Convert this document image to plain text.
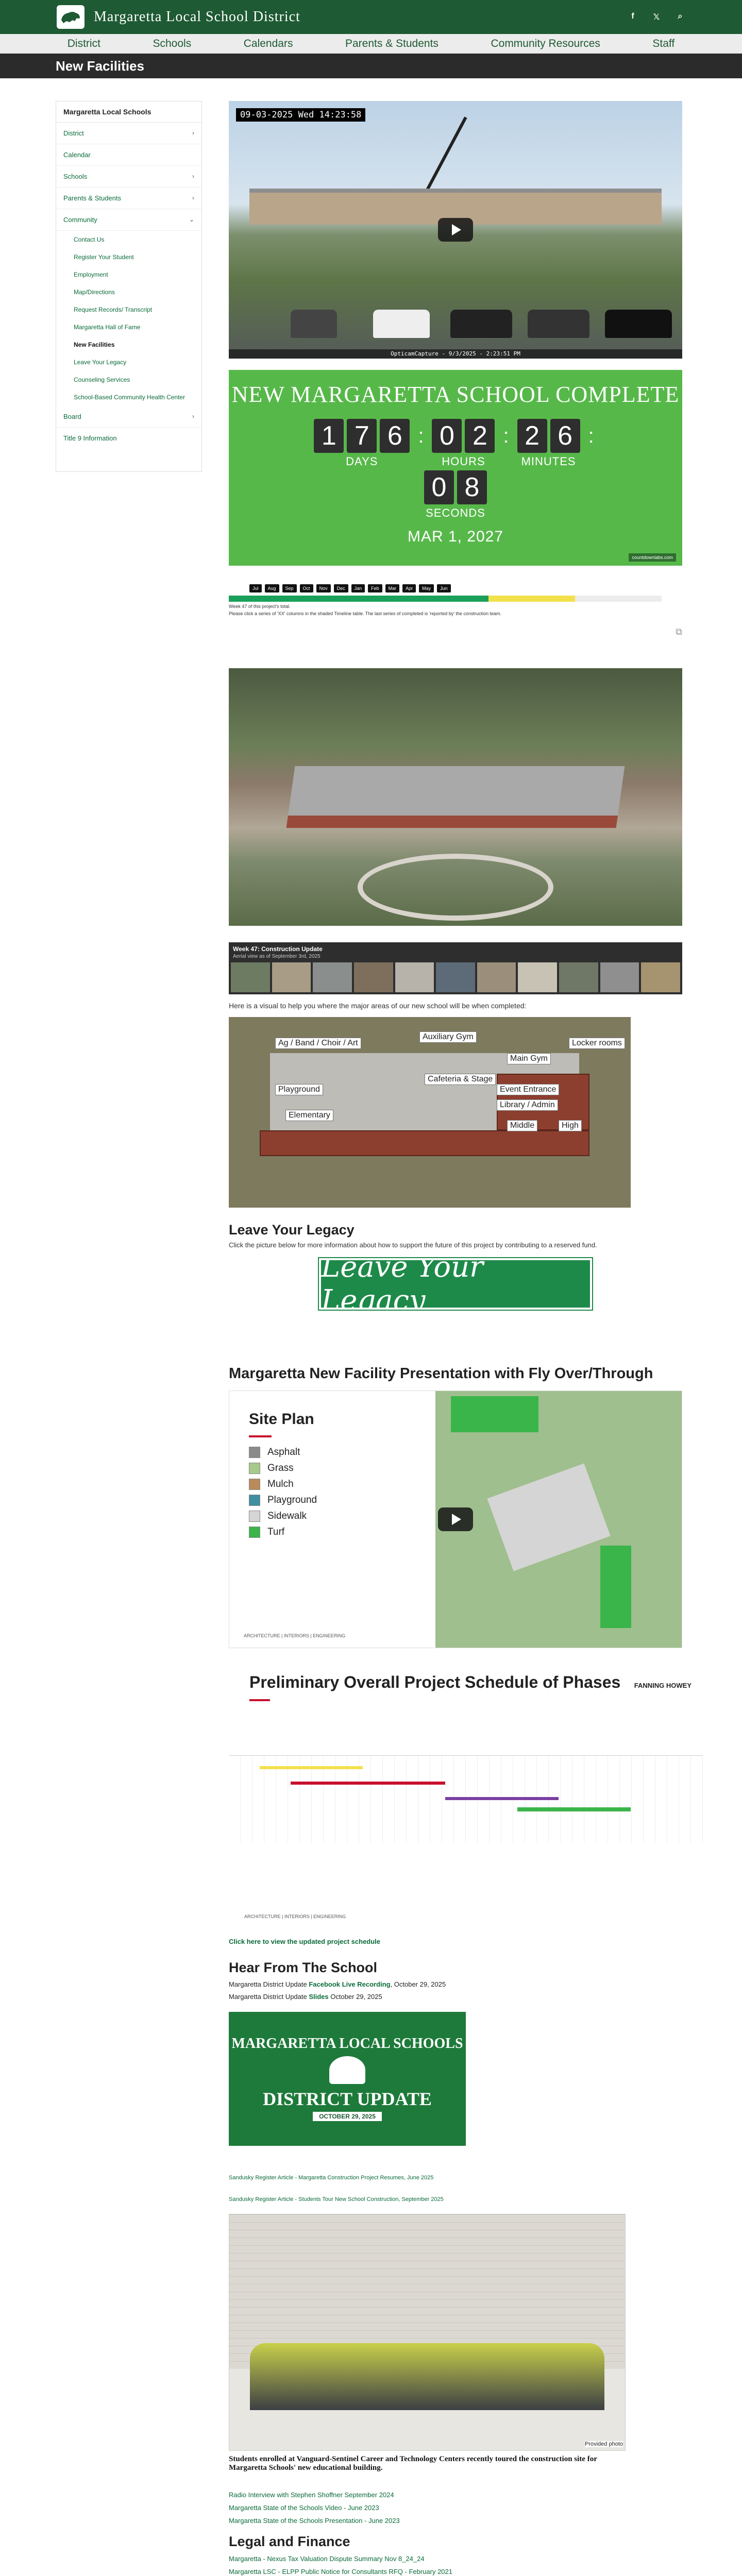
Margaretta Local School District	f	𝕏	⌕
District	Schools	Calendars	Parents & Students	Community Resources	Staff
New Facilities
Margaretta Local Schools
District	›
Calendar
Schools	›
Parents & Students	›
Community	⌄
Contact Us
Register Your Student
Employment
Map/Directions
Request Records/ Transcript
Margaretta Hall of Fame
New Facilities
Leave Your Legacy
Counseling Services
School-Based Community Health Center
Board	›
Title 9 Information
09-03-2025 Wed 14:23:58
OpticamCapture - 9/3/2025 - 2:23:51 PM
NEW MARGARETTA SCHOOL COMPLETE
1 7 6
DAYS
: 0 2
HOURS
: 2 6
MINUTES
:
0 8
SECONDS
MAR 1, 2027
countdownlabs.com
Jul	Aug	Sep	Oct	Nov	Dec	Jan	Feb	Mar	Apr	May	Jun
Week 47 of this project's total.
Please click a series of 'XX' columns in the shaded Timeline table. The last series of completed is 'reported by' the construction team.
⧉
Week 47: Construction Update
Aerial view as of September 3rd, 2025

Here is a visual to help you where the major areas of our new school will be when completed:

Ag / Band / Choir / Art
Auxiliary Gym
Locker rooms
Cafeteria & Stage
Main Gym
Playground	Event Entrance
Library / Admin
Elementary
Middle	High
Leave Your Legacy

Click the picture below for more information about how to support the future of this project by contributing to a reserved fund.

Leave Your Legacy
Margaretta New Facility Presentation with Fly Over/Through
Site Plan
Asphalt
Grass
Mulch
Playground
Sidewalk
Turf
ARCHITECTURE | INTERIORS | ENGINEERING
Preliminary Overall Project Schedule of Phases	FANNING HOWEY
ARCHITECTURE | INTERIORS | ENGINEERING
Click here to view the updated project schedule
Hear From The School

Margaretta District Update Facebook Live Recording, October 29, 2025

Margaretta District Update Slides October 29, 2025

MARGARETTA LOCAL SCHOOLS
DISTRICT UPDATE
OCTOBER 29, 2025
Sandusky Register Article - Margaretta Construction Project Resumes, June 2025
Sandusky Register Article - Students Tour New School Construction, September 2025
Provided photo

Students enrolled at Vanguard-Sentinel Career and Technology Centers recently toured the construction site for Margaretta Schools' new educational building.

Radio Interview with Stephen Shoffner September 2024
Margaretta State of the Schools Video - June 2023
Margaretta State of the Schools Presentation - June 2023
Legal and Finance
Margaretta - Nexus Tax Valuation Dispute Summary Nov 8_24_24
Margaretta LSC - ELPP Public Notice for Consultants RFQ - February 2021
